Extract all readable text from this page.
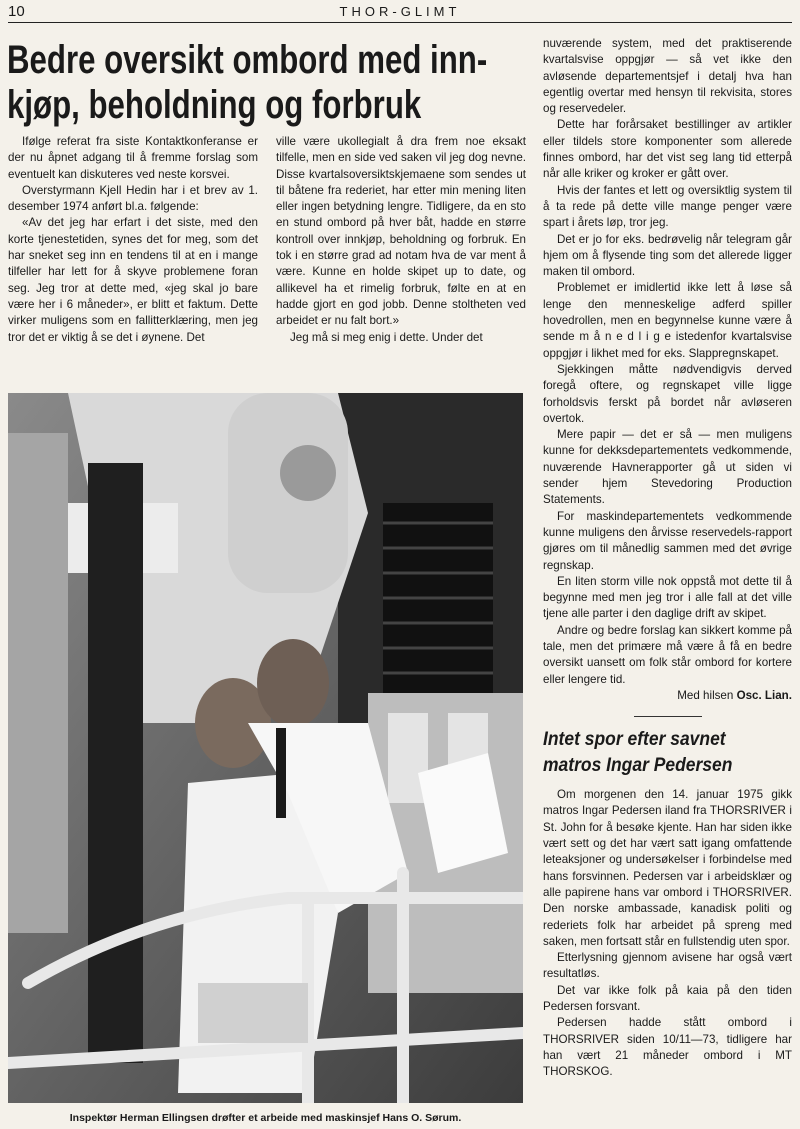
10	THOR-GLIMT
Bedre oversikt ombord med inn-
kjøp, beholdning og forbruk

Ifølge referat fra siste Kontaktkonferanse er der nu åpnet adgang til å fremme forslag som eventuelt kan diskuteres ved neste korsvei.

Overstyrmann Kjell Hedin har i et brev av 1. desember 1974 anført bl.a. følgende:

«Av det jeg har erfart i det siste, med den korte tjenestetiden, synes det for meg, som det har sneket seg inn en tendens til at en i mange tilfeller har lett for å skyve problemene foran seg. Jeg tror at dette med, «jeg skal jo bare være her i 6 måneder», er blitt et faktum. Dette virker muligens som en fallitterklæring, men jeg tror det er viktig å se det i øynene. Det

ville være ukollegialt å dra frem noe eksakt tilfelle, men en side ved saken vil jeg dog nevne. Disse kvartalsoversiktskjemaene som sendes ut til båtene fra rederiet, har etter min mening liten eller ingen betydning lengre. Tidligere, da en sto en stund ombord på hver båt, hadde en større kontroll over innkjøp, beholdning og forbruk. En tok i en større grad ad notam hva de var ment å være. Kunne en holde skipet up to date, og allikevel ha et rimelig forbruk, følte en at en hadde gjort en god jobb. Denne stoltheten ved arbeidet er nu falt bort.»

Jeg må si meg enig i dette. Under det

nuværende system, med det praktiserende kvartalsvise oppgjør — så vet ikke den avløsende departementsjef i detalj hva han egentlig overtar med hensyn til rekvisita, stores og reservedeler.

Dette har forårsaket bestillinger av artikler eller tildels store komponenter som allerede finnes ombord, har det vist seg lang tid etterpå når alle kriker og kroker er gått over.

Hvis der fantes et lett og oversiktlig system til å ta rede på dette ville mange penger være spart i årets løp, tror jeg.

Det er jo for eks. bedrøvelig når telegram går hjem om å flysende ting som det allerede ligger maken til ombord.

Problemet er imidlertid ikke lett å løse så lenge den menneskelige adferd spiller hovedrollen, men en begynnelse kunne være å sende m å n e d l i g e istedenfor kvartalsvise oppgjør i likhet med for eks. Slappregnskapet.

Sjekkingen måtte nødvendigvis derved foregå oftere, og regnskapet ville ligge forholdsvis ferskt på bordet når avløseren overtok.

Mere papir — det er så — men muligens kunne for dekksdepartementets vedkommende, nuværende Havnerapporter gå ut siden vi sender hjem Stevedoring Production Statements.

For maskindepartementets vedkommende kunne muligens den årvisse reservedels-rapport gjøres om til månedlig sammen med det øvrige regnskap.

En liten storm ville nok oppstå mot dette til å begynne med men jeg tror i alle fall at det ville tjene alle parter i den daglige drift av skipet.

Andre og bedre forslag kan sikkert komme på tale, men det primære må være å få en bedre oversikt uansett om folk står ombord for kortere eller lengere tid.

Med hilsen Osc. Lian.

Intet spor efter savnet
matros Ingar Pedersen

Om morgenen den 14. januar 1975 gikk matros Ingar Pedersen iland fra THORSRIVER i St. John for å besøke kjente. Han har siden ikke vært sett og det har vært satt igang omfattende leteaksjoner og undersøkelser i forbindelse med hans forsvinnen. Pedersen var i arbeidsklær og alle papirene hans var ombord i THORSRIVER. Den norske ambassade, kanadisk politi og rederiets folk har arbeidet på spreng med saken, men fortsatt står en fullstendig uten spor.

Etterlysning gjennom avisene har også vært resultatløs.

Det var ikke folk på kaia på den tiden Pedersen forsvant.

Pedersen hadde stått ombord i THORSRIVER siden 10/11—73, tidligere har han vært 21 måneder ombord i MT THORSKOG.

Inspektør Herman Ellingsen drøfter et arbeide med maskinsjef Hans O. Sørum.
